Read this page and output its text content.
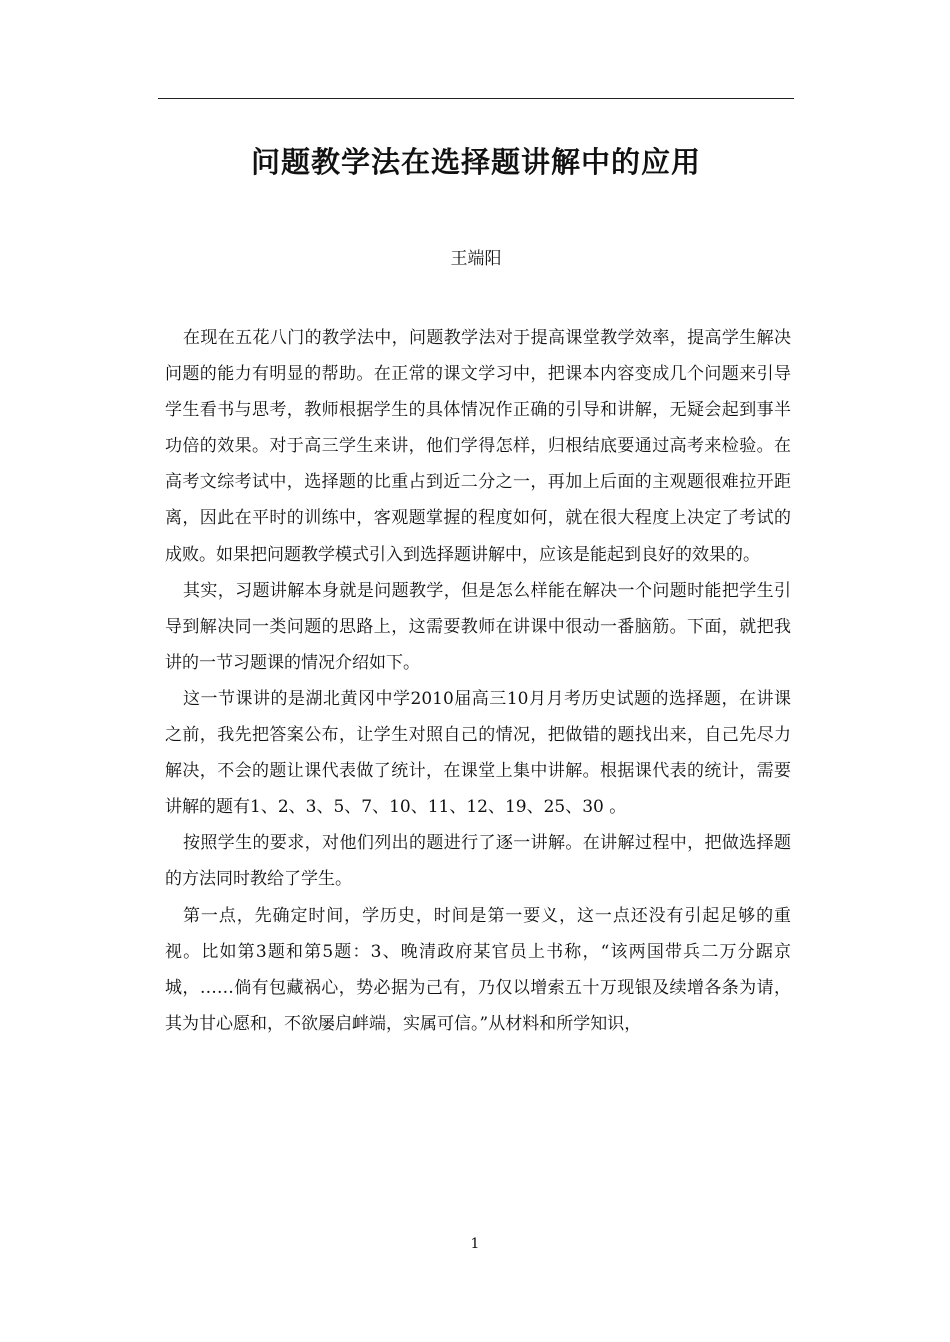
问题教学法在选择题讲解中的应用
王端阳

在现在五花八门的教学法中，问题教学法对于提高课堂教学效率，提高学生解决问题的能力有明显的帮助。在正常的课文学习中，把课本内容变成几个问题来引导学生看书与思考，教师根据学生的具体情况作正确的引导和讲解，无疑会起到事半功倍的效果。对于高三学生来讲，他们学得怎样，归根结底要通过高考来检验。在高考文综考试中，选择题的比重占到近二分之一，再加上后面的主观题很难拉开距离，因此在平时的训练中，客观题掌握的程度如何，就在很大程度上决定了考试的成败。如果把问题教学模式引入到选择题讲解中，应该是能起到良好的效果的。

其实，习题讲解本身就是问题教学，但是怎么样能在解决一个问题时能把学生引导到解决同一类问题的思路上，这需要教师在讲课中很动一番脑筋。下面，就把我讲的一节习题课的情况介绍如下。

这一节课讲的是湖北黄冈中学2010届高三10月月考历史试题的选择题，在讲课之前，我先把答案公布，让学生对照自己的情况，把做错的题找出来，自己先尽力解决，不会的题让课代表做了统计，在课堂上集中讲解。根据课代表的统计，需要讲解的题有1、2、3、5、7、10、11、12、19、25、30 。

按照学生的要求，对他们列出的题进行了逐一讲解。在讲解过程中，把做选择题的方法同时教给了学生。

第一点，先确定时间，学历史，时间是第一要义，这一点还没有引起足够的重视。比如第3题和第5题：3、晚清政府某官员上书称，“该两国带兵二万分踞京城，……倘有包藏祸心，势必据为己有，乃仅以增索五十万现银及续增各条为请，其为甘心愿和，不欲屡启衅端，实属可信。”从材料和所学知识，

1
